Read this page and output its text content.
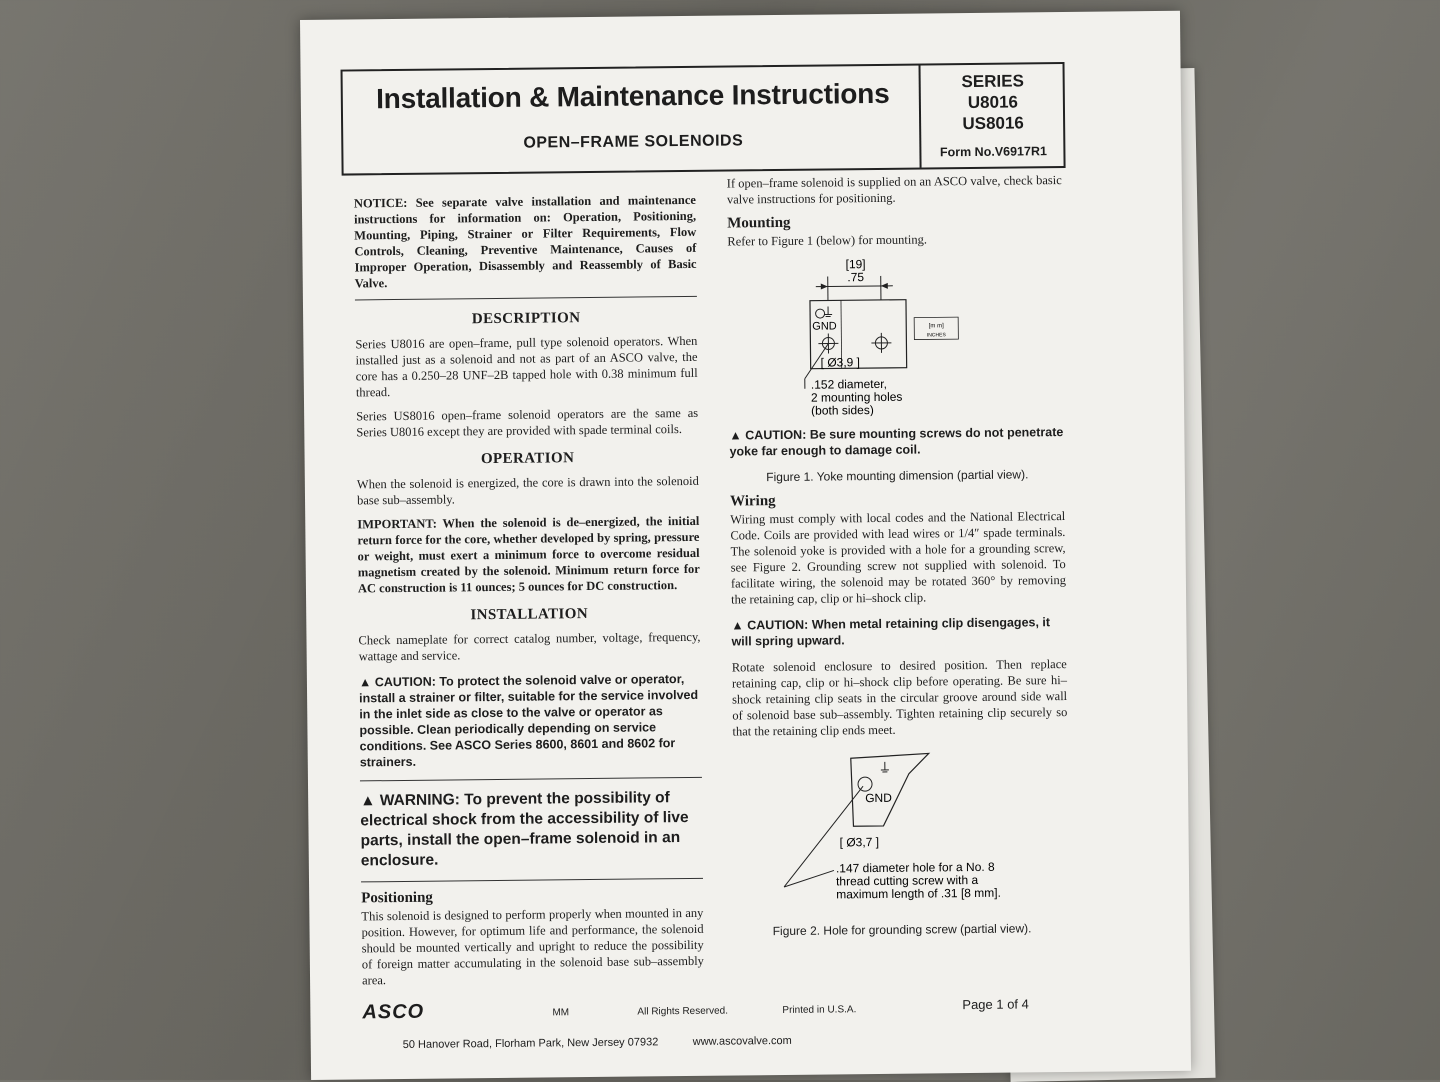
Installation & Maintenance Instructions
OPEN–FRAME SOLENOIDS
SERIES
U8016
US8016
Form No.V6917R1

NOTICE: See separate valve installation and maintenance instructions for information on: Operation, Positioning, Mounting, Piping, Strainer or Filter Requirements, Flow Controls, Cleaning, Preventive Maintenance, Causes of Improper Operation, Disassembly and Reassembly of Basic Valve.

DESCRIPTION

Series U8016 are open–frame, pull type solenoid operators. When installed just as a solenoid and not as part of an ASCO valve, the core has a 0.250–28 UNF–2B tapped hole with 0.38 minimum full thread.

Series US8016 open–frame solenoid operators are the same as Series U8016 except they are provided with spade terminal coils.

OPERATION

When the solenoid is energized, the core is drawn into the solenoid base sub–assembly.

IMPORTANT: When the solenoid is de–energized, the initial return force for the core, whether developed by spring, pressure or weight, must exert a minimum force to overcome residual magnetism created by the solenoid. Minimum return force for AC construction is 11 ounces; 5 ounces for DC construction.

INSTALLATION

Check nameplate for correct catalog number, voltage, frequency, wattage and service.

▲ CAUTION: To protect the solenoid valve or operator, install a strainer or filter, suitable for the service involved in the inlet side as close to the valve or operator as possible. Clean periodically depending on service conditions. See ASCO Series 8600, 8601 and 8602 for strainers.
▲ WARNING: To prevent the possibility of electrical shock from the accessibility of live parts, install the open–frame solenoid in an enclosure.
Positioning

This solenoid is designed to perform properly when mounted in any position. However, for optimum life and performance, the solenoid should be mounted vertically and upright to reduce the possibility of foreign matter accumulating in the solenoid base sub–assembly area.

If open–frame solenoid is supplied on an ASCO valve, check basic valve instructions for positioning.

Mounting

Refer to Figure 1 (below) for mounting.

[19]
.75
GND	[m m]
INCHES
[ Ø3,9 ]
.152 diameter,
2 mounting holes
(both sides)
▲ CAUTION: Be sure mounting screws do not penetrate yoke far enough to damage coil.
Figure 1. Yoke mounting dimension (partial view).
Wiring

Wiring must comply with local codes and the National Electrical Code. Coils are provided with lead wires or 1/4″ spade terminals. The solenoid yoke is provided with a hole for a grounding screw, see Figure 2. Grounding screw not supplied with solenoid. To facilitate wiring, the solenoid may be rotated 360° by removing the retaining cap, clip or hi–shock clip.

▲ CAUTION: When metal retaining clip disengages, it will spring upward.

Rotate solenoid enclosure to desired position. Then replace retaining cap, clip or hi–shock clip before operating. Be sure hi–shock retaining clip seats in the circular groove around side wall of solenoid base sub–assembly. Tighten retaining clip securely so that the retaining clip ends meet.

GND
[ Ø3,7 ]
.147 diameter hole for a No. 8
thread cutting screw with a
maximum length of .31 [8 mm].
Figure 2. Hole for grounding screw (partial view).
ASCO	MM	All Rights Reserved.	Printed in U.S.A.	Page 1 of 4
50 Hanover Road, Florham Park, New Jersey 07932	www.ascovalve.com
